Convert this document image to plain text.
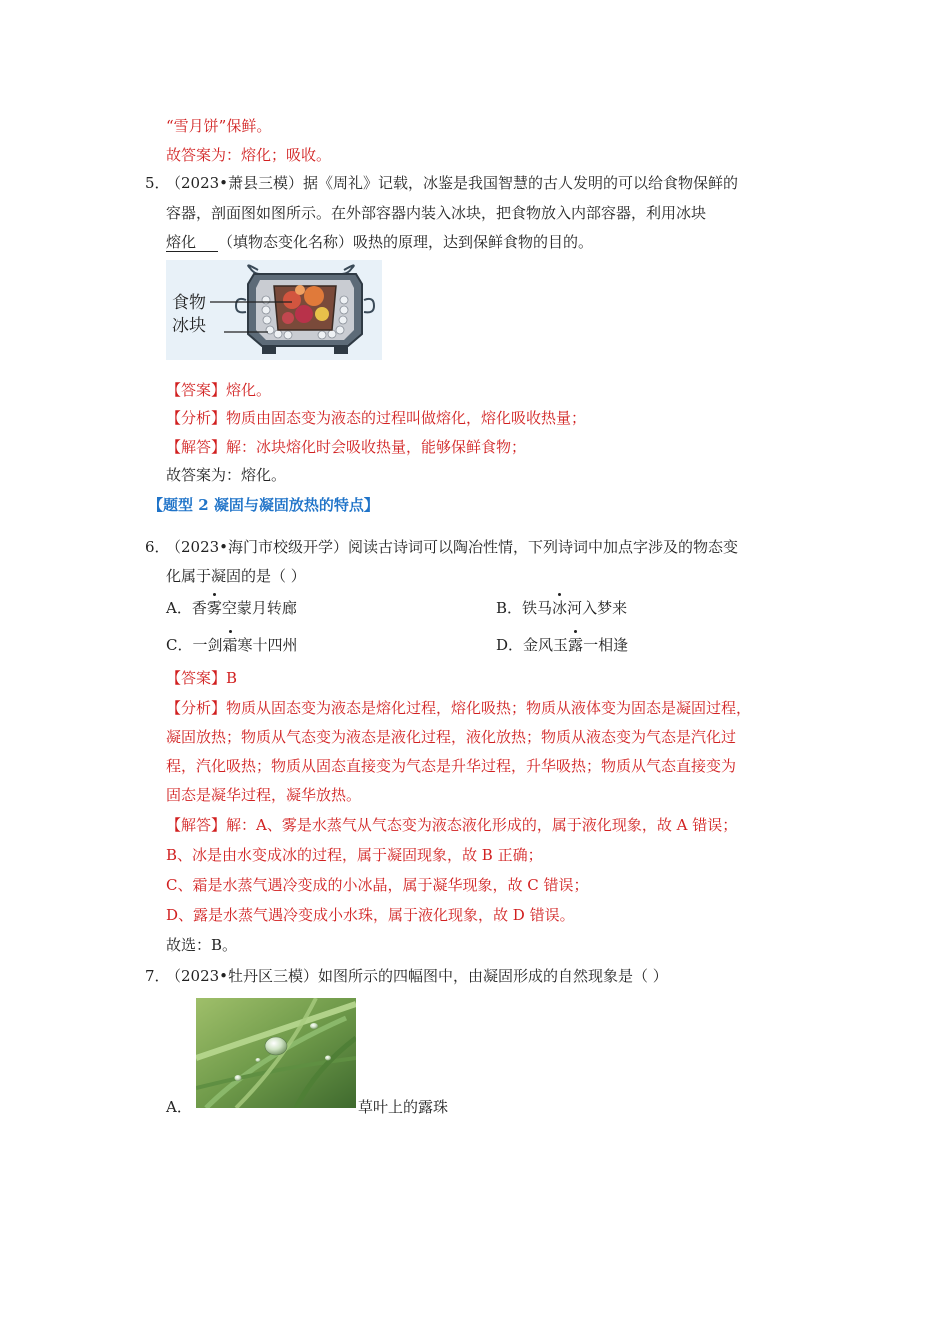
“雪月饼”保鲜。
故答案为：熔化；吸收。
5．
（2023•萧县三模）据《周礼》记载，冰鉴是我国智慧的古人发明的可以给食物保鲜的
容器，剖面图如图所示。在外部容器内装入冰块，把食物放入内部容器，利用冰块
熔化 （填物态变化名称）吸热的原理，达到保鲜食物的目的。
食物
冰块
【答案】熔化。
【分析】物质由固态变为液态的过程叫做熔化，熔化吸收热量；
【解答】解：冰块熔化时会吸收热量，能够保鲜食物；
故答案为：熔化。
【题型 2 凝固与凝固放热的特点】
6．
（2023•海门市校级开学）阅读古诗词可以陶冶性情，下列诗词中加点字涉及的物态变
化属于凝固的是（ ）
A．香雾空蒙月转廊	B．铁马冰河入梦来
C．一剑霜寒十四州	D．金风玉露一相逢
【答案】B
【分析】物质从固态变为液态是熔化过程，熔化吸热；物质从液体变为固态是凝固过程，
凝固放热；物质从气态变为液态是液化过程，液化放热；物质从液态变为气态是汽化过
程，汽化吸热；物质从固态直接变为气态是升华过程，升华吸热；物质从气态直接变为
固态是凝华过程，凝华放热。
【解答】解：A、雾是水蒸气从气态变为液态液化形成的，属于液化现象，故 A 错误；
B、冰是由水变成冰的过程，属于凝固现象，故 B 正确；
C、霜是水蒸气遇冷变成的小冰晶，属于凝华现象，故 C 错误；
D、露是水蒸气遇冷变成小水珠，属于液化现象，故 D 错误。
故选：B。
7．
（2023•牡丹区三模）如图所示的四幅图中，由凝固形成的自然现象是（ ）
A．	草叶上的露珠
